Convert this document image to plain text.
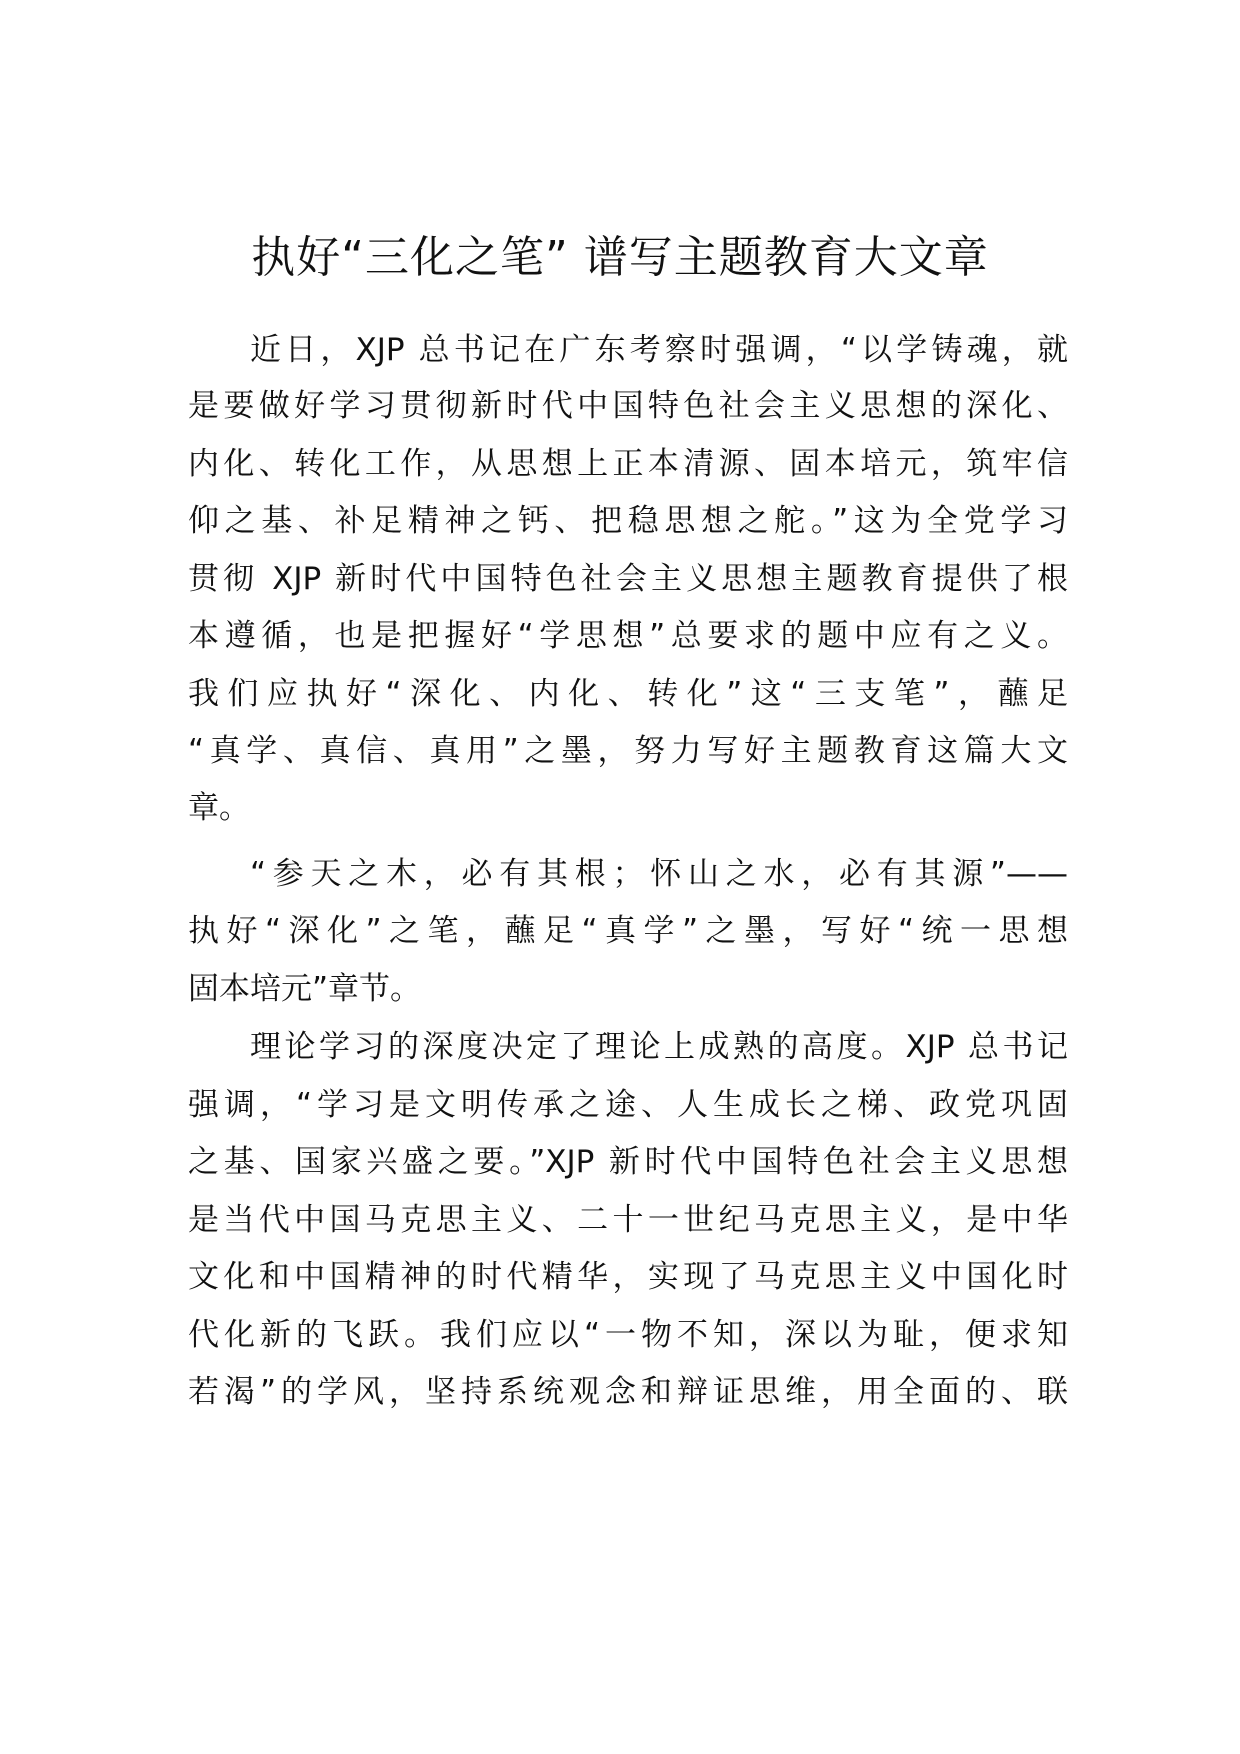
执好“三化之笔” 谱写主题教育大文章
近日，XJP 总书记在广东考察时强调，“以学铸魂，就
是要做好学习贯彻新时代中国特色社会主义思想的深化、
内化、转化工作，从思想上正本清源、固本培元，筑牢信
仰之基、补足精神之钙、把稳思想之舵。”这为全党学习
贯彻 XJP 新时代中国特色社会主义思想主题教育提供了根
本遵循，也是把握好“学思想”总要求的题中应有之义。
我们应执好“深化、内化、转化”这“三支笔”，蘸足
“真学、真信、真用”之墨，努力写好主题教育这篇大文
章。
“参天之木，必有其根；怀山之水，必有其源”——
执好“深化”之笔，蘸足“真学”之墨，写好“统一思想
固本培元”章节。
理论学习的深度决定了理论上成熟的高度。XJP 总书记
强调，“学习是文明传承之途、人生成长之梯、政党巩固
之基、国家兴盛之要。”XJP 新时代中国特色社会主义思想
是当代中国马克思主义、二十一世纪马克思主义，是中华
文化和中国精神的时代精华，实现了马克思主义中国化时
代化新的飞跃。我们应以“一物不知，深以为耻，便求知
若渴”的学风，坚持系统观念和辩证思维，用全面的、联
